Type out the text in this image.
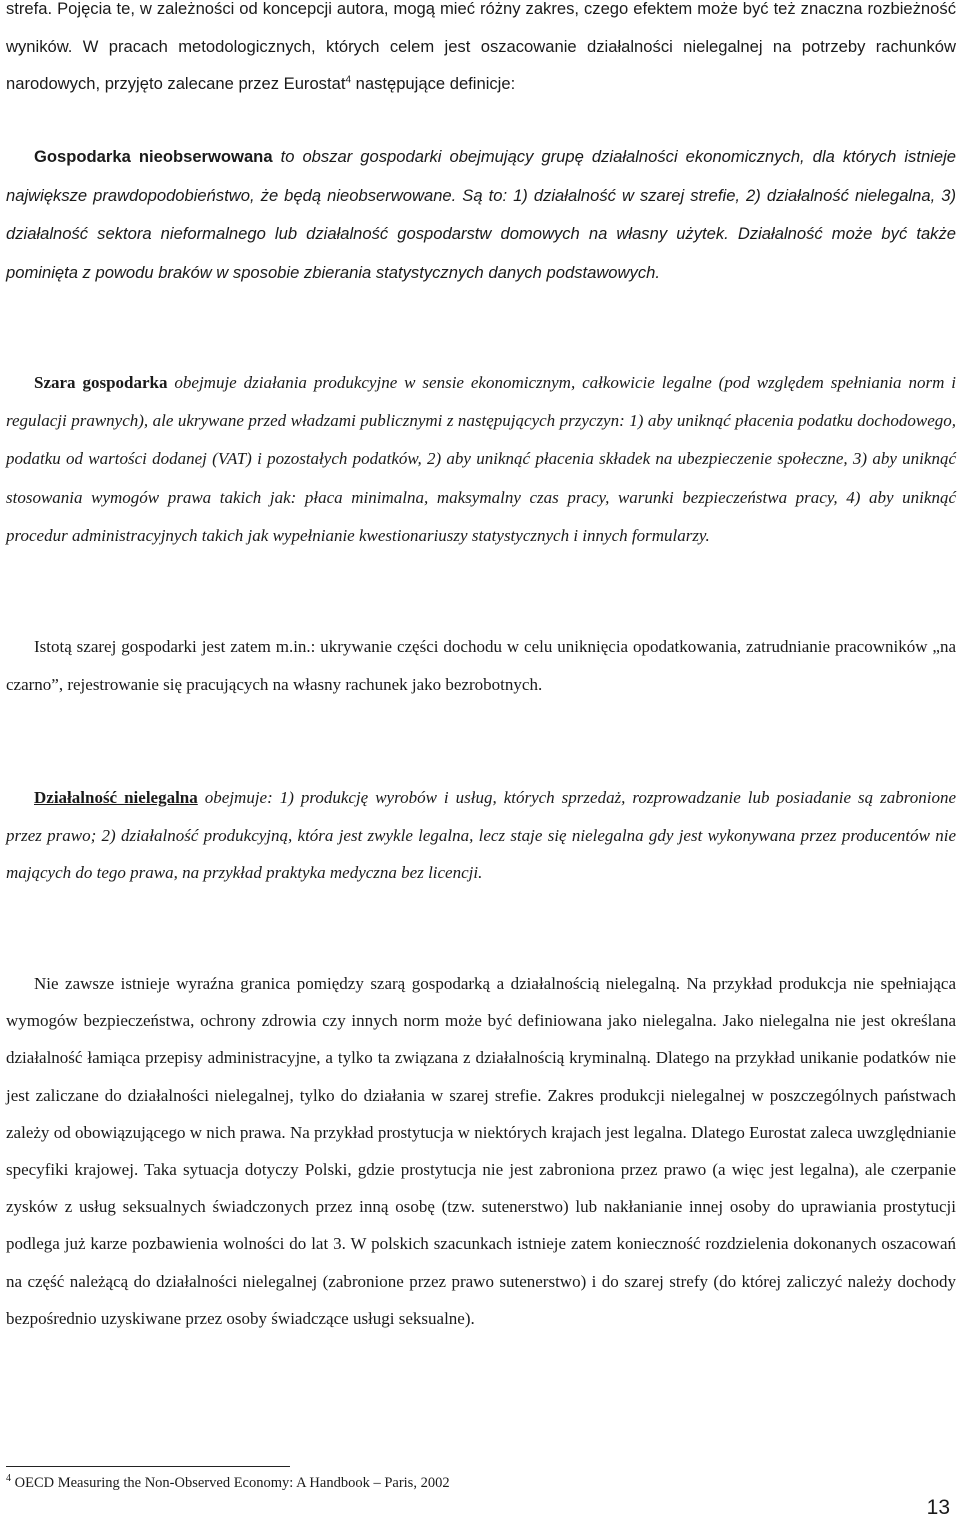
strefa. Pojęcia te, w zależności od koncepcji autora, mogą mieć różny zakres, czego efektem może być też znaczna rozbieżność wyników. W pracach metodologicznych, których celem jest oszacowanie działalności nielegalnej na potrzeby rachunków narodowych, przyjęto zalecane przez Eurostat$^4$ następujące definicje:

Gospodarka nieobserwowana to obszar gospodarki obejmujący grupę działalności ekonomicznych, dla których istnieje największe prawdopodobieństwo, że będą nieobserwowane. Są to: 1) działalność w szarej strefie, 2) działalność nielegalna, 3) działalność sektora nieformalnego lub działalność gospodarstw domowych na własny użytek. Działalność może być także pominięta z powodu braków w sposobie zbierania statystycznych danych podstawowych.

Szara gospodarka obejmuje działania produkcyjne w sensie ekonomicznym, całkowicie legalne (pod względem spełniania norm i regulacji prawnych), ale ukrywane przed władzami publicznymi z następujących przyczyn: 1) aby uniknąć płacenia podatku dochodowego, podatku od wartości dodanej (VAT) i pozostałych podatków, 2) aby uniknąć płacenia składek na ubezpieczenie społeczne, 3) aby uniknąć stosowania wymogów prawa takich jak: płaca minimalna, maksymalny czas pracy, warunki bezpieczeństwa pracy, 4) aby uniknąć procedur administracyjnych takich jak wypełnianie kwestionariuszy statystycznych i innych formularzy.

Istotą szarej gospodarki jest zatem m.in.: ukrywanie części dochodu w celu uniknięcia opodatkowania, zatrudnianie pracowników „na czarno”, rejestrowanie się pracujących na własny rachunek jako bezrobotnych.

Działalność nielegalna obejmuje: 1) produkcję wyrobów i usług, których sprzedaż, rozprowadzanie lub posiadanie są zabronione przez prawo; 2) działalność produkcyjną, która jest zwykle legalna, lecz staje się nielegalna gdy jest wykonywana przez producentów nie mających do tego prawa, na przykład praktyka medyczna bez licencji.

Nie zawsze istnieje wyraźna granica pomiędzy szarą gospodarką a działalnością nielegalną. Na przykład produkcja nie spełniająca wymogów bezpieczeństwa, ochrony zdrowia czy innych norm może być definiowana jako nielegalna. Jako nielegalna nie jest określana działalność łamiąca przepisy administracyjne, a tylko ta związana z działalnością kryminalną. Dlatego na przykład unikanie podatków nie jest zaliczane do działalności nielegalnej, tylko do działania w szarej strefie. Zakres produkcji nielegalnej w poszczególnych państwach zależy od obowiązującego w nich prawa. Na przykład prostytucja w niektórych krajach jest legalna. Dlatego Eurostat zaleca uwzględnianie specyfiki krajowej. Taka sytuacja dotyczy Polski, gdzie prostytucja nie jest zabroniona przez prawo (a więc jest legalna), ale czerpanie zysków z usług seksualnych świadczonych przez inną osobę (tzw. sutenerstwo) lub nakłanianie innej osoby do uprawiania prostytucji podlega już karze pozbawienia wolności do lat 3. W polskich szacunkach istnieje zatem konieczność rozdzielenia dokonanych oszacowań na część należącą do działalności nielegalnej (zabronione przez prawo sutenerstwo) i do szarej strefy (do której zaliczyć należy dochody bezpośrednio uzyskiwane przez osoby świadczące usługi seksualne).

$^4$ OECD Measuring the Non-Observed Economy: A Handbook – Paris, 2002
13
